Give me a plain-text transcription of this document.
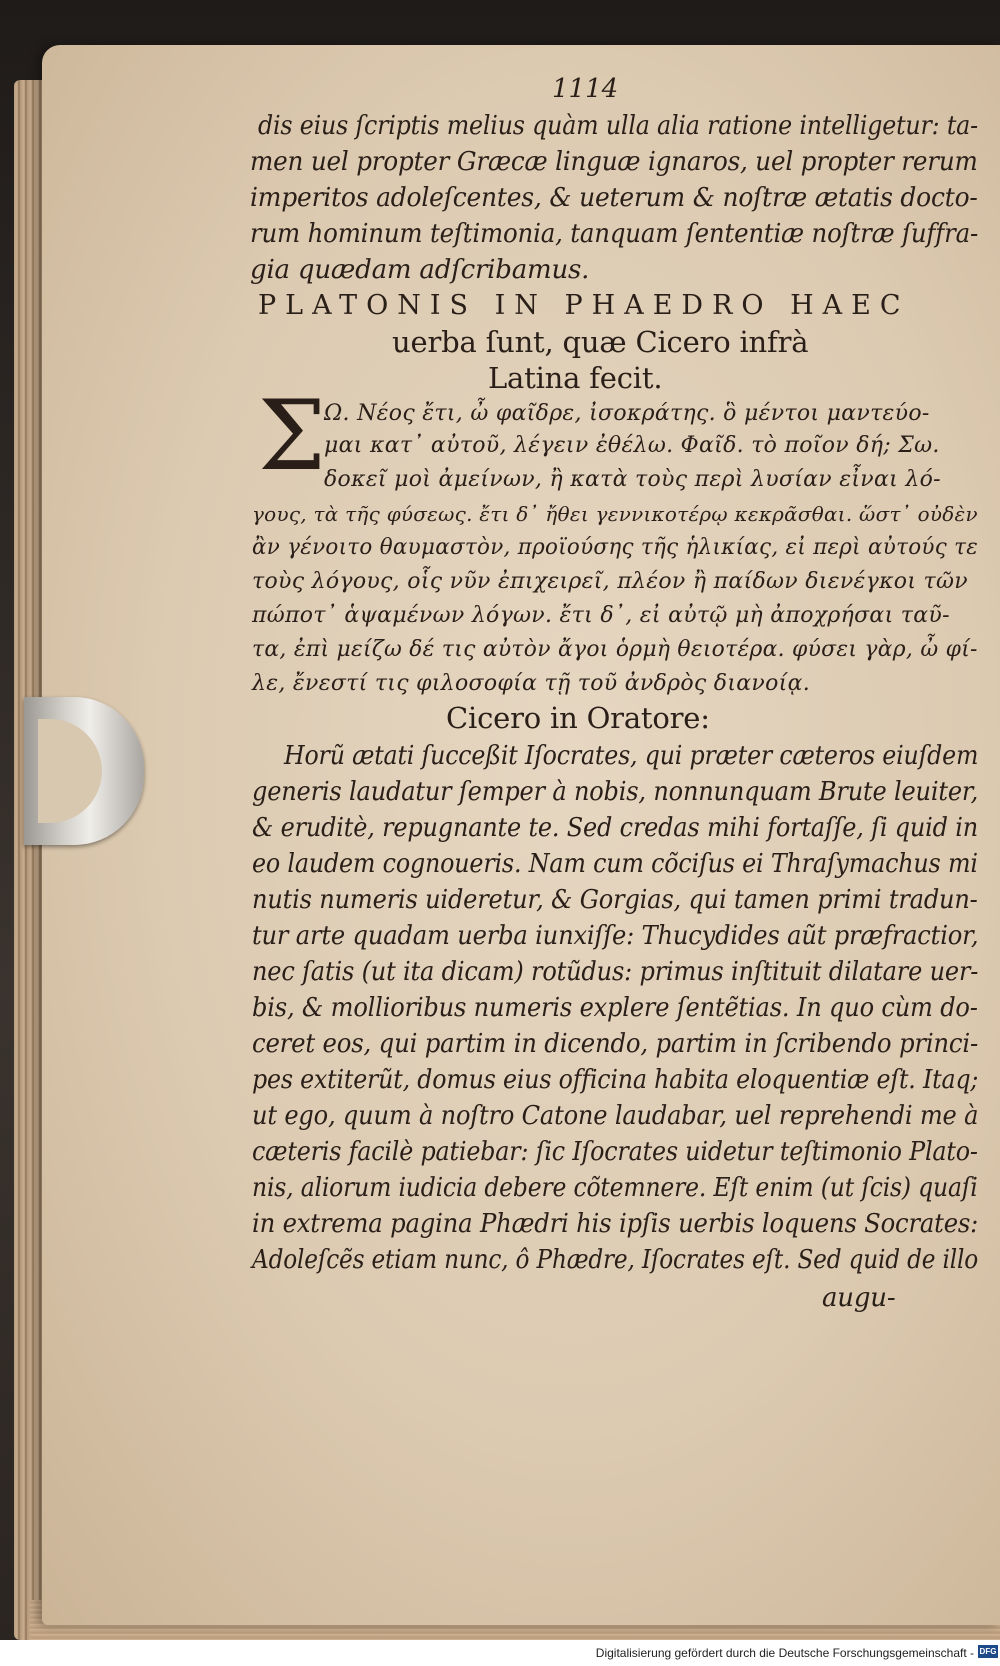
1114
dis eius ſcriptis melius quàm ulla alia ratione intelligetur: ta-
men uel propter Græcæ linguæ ignaros, uel propter rerum
imperitos adoleſcentes, & ueterum & noſtræ ætatis docto-
rum hominum teſtimonia, tanquam ſententiæ noſtræ ſuffra-
gia quædam adſcribamus.
PLATONIS IN PHAEDRO HAEC
uerba ſunt, quæ Cicero infrà
Latina fecit.
Σ
Ω. Νέος ἔτι, ὦ φαῖδρε, ἰσοκράτης. ὃ μέντοι μαντεύο-
μαι κατ᾽ αὐτοῦ, λέγειν ἐθέλω. Φαῖδ. τὸ ποῖον δή; Σω.
δοκεῖ μοὶ ἀμείνων, ἢ κατὰ τοὺς περὶ λυσίαν εἶναι λό-
γους, τὰ τῆς φύσεως. ἔτι δ᾽ ἤθει γεννικοτέρῳ κεκρᾶσθαι. ὥστ᾽ οὐδὲν
ἂν γένοιτο θαυμαστὸν, προϊούσης τῆς ἡλικίας, εἰ περὶ αὐτούς τε
τοὺς λόγους, οἷς νῦν ἐπιχειρεῖ, πλέον ἢ παίδων διενέγκοι τῶν
πώποτ᾽ ἁψαμένων λόγων. ἔτι δ᾽, εἰ αὐτῷ μὴ ἀποχρήσαι ταῦ-
τα, ἐπὶ μείζω δέ τις αὐτὸν ἄγοι ὁρμὴ θειοτέρα. φύσει γὰρ, ὦ φί-
λε, ἔνεστί τις φιλοσοφία τῇ τοῦ ἀνδρὸς διανοίᾳ.
Cicero in Oratore:
Horũ ætati ſucceßit Iſocrates, qui præter cæteros eiuſdem
generis laudatur ſemper à nobis, nonnunquam Brute leuiter,
& eruditè, repugnante te. Sed credas mihi fortaſſe, ſi quid in
eo laudem cognoueris. Nam cum cõciſus ei Thraſymachus mi
nutis numeris uideretur, & Gorgias, qui tamen primi tradun-
tur arte quadam uerba iunxiſſe: Thucydides aũt præfractior,
nec ſatis (ut ita dicam) rotũdus: primus inſtituit dilatare uer-
bis, & mollioribus numeris explere ſentẽtias. In quo cùm do-
ceret eos, qui partim in dicendo, partim in ſcribendo princi-
pes extiterũt, domus eius officina habita eloquentiæ eſt. Itaq;
ut ego, quum à noſtro Catone laudabar, uel reprehendi me à
cæteris facilè patiebar: ſic Iſocrates uidetur teſtimonio Plato-
nis, aliorum iudicia debere cõtemnere. Eſt enim (ut ſcis) quaſi
in extrema pagina Phædri his ipſis uerbis loquens Socrates:
Adoleſcẽs etiam nunc, ô Phædre, Iſocrates eſt. Sed quid de illo
augu-
Digitalisierung gefördert durch die Deutsche Forschungsgemeinschaft - DFG
